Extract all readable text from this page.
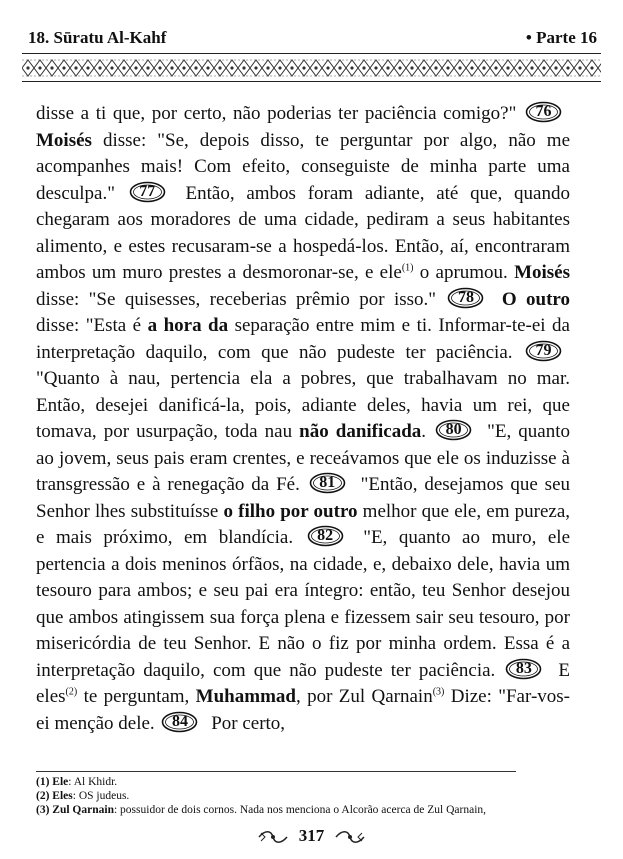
18. Sūratu Al-Kahf	• Parte 16

disse a ti que, por certo, não poderias ter paciência comigo?"	76
Moisés disse: "Se, depois disso, te perguntar por algo, não me acompanhes mais! Com efeito, conseguiste de minha parte uma desculpa."	77	Então, ambos foram adiante, até que, quando chegaram aos moradores de uma cidade, pediram a seus habitantes alimento, e estes recusaram-se a hospedá-los. Então, aí, encontraram ambos um muro prestes a desmoronar-se, e ele$^{(1)}$ o aprumou. Moisés disse: "Se quisesses, receberias prêmio por isso."	78	O outro disse: "Esta é a hora da separação entre mim e ti. Informar-te-ei da interpretação daquilo, com que não pudeste ter paciência.	79
"Quanto à nau, pertencia ela a pobres, que trabalhavam no mar. Então, desejei danificá-la, pois, adiante deles, havia um rei, que tomava, por usurpação, toda nau não danificada.	80	"E, quanto ao jovem, seus pais eram crentes, e receávamos que ele os induzisse à transgressão e à renegação da Fé.	81	"Então, desejamos que seu Senhor lhes substituísse o filho por outro melhor que ele, em pureza, e mais próximo, em blandícia.	82	"E, quanto ao muro, ele pertencia a dois meninos órfãos, na cidade, e, debaixo dele, havia um tesouro para ambos; e seu pai era íntegro: então, teu Senhor desejou que ambos atingissem sua força plena e fizessem sair seu tesouro, por misericórdia de teu Senhor. E não o fiz por minha ordem. Essa é a interpretação daquilo, com que não pudeste ter paciência.	83	E eles$^{(2)}$ te perguntam, Muhammad, por Zul Qarnain$^{(3)}$ Dize: "Far-vos-ei menção dele.	84	Por certo,

(1) Ele: Al Khidr.
(2) Eles: OS judeus.
(3) Zul Qarnain: possuidor de dois cornos. Nada nos menciona o Alcorão acerca de Zul Qarnain,
317
